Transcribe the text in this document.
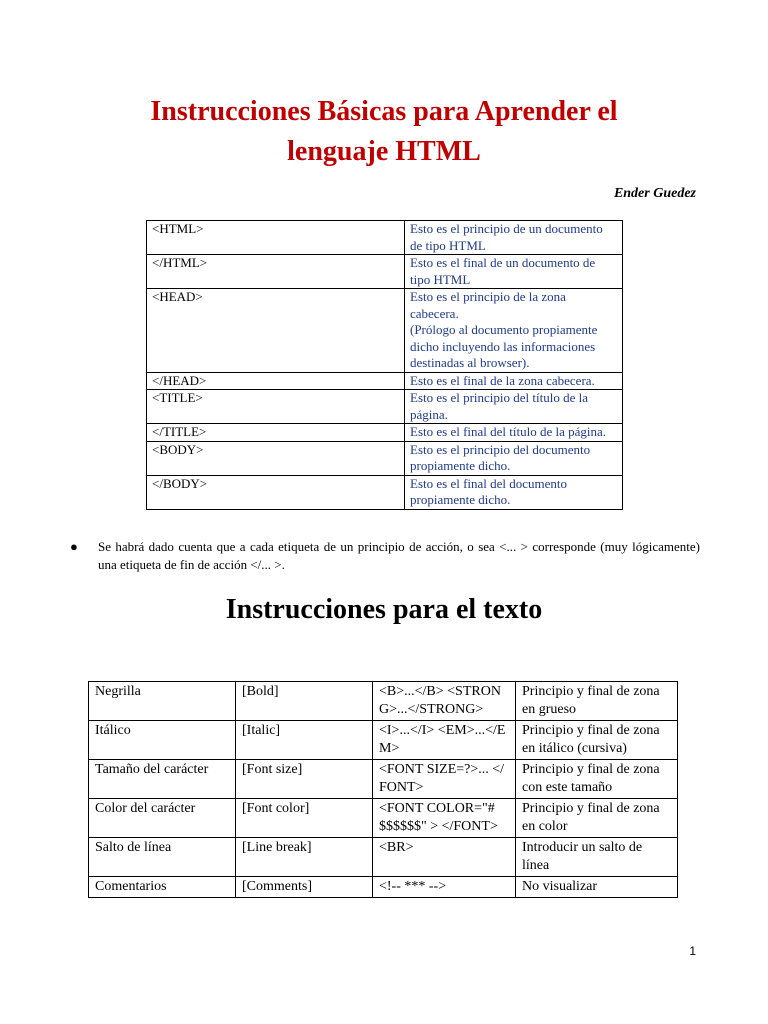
Instrucciones Básicas para Aprender el
lenguaje HTML
Ender Guedez
<HTML>	Esto es el principio de un documento de tipo HTML
</HTML>	Esto es el final de un documento de tipo HTML
<HEAD>	Esto es el principio de la zona cabecera.
(Prólogo al documento propiamente dicho incluyendo las informaciones destinadas al browser).

</HEAD>	Esto es el final de la zona cabecera.
<TITLE>	Esto es el principio del título de la página.
</TITLE>	Esto es el final del título de la página.
<BODY>	Esto es el principio del documento propiamente dicho.
</BODY>	Esto es el final del documento propiamente dicho.
● Se habrá dado cuenta que a cada etiqueta de un principio de acción, o sea <... > corresponde (muy lógicamente) una etiqueta de fin de acción </... >.
Instrucciones para el texto
Negrilla	[Bold]	<B>...</B> <STRONG>...</STRONG>	Principio y final de zona en grueso
Itálico	[Italic]	<I>...</I> <EM>...</EM>	Principio y final de zona en itálico (cursiva)
Tamaño del carácter	[Font size]	<FONT SIZE=?>... </FONT>	Principio y final de zona con este tamaño
Color del carácter	[Font color]	<FONT COLOR="#$$$$$$" > </FONT>	Principio y final de zona en color
Salto de línea	[Line break]	<BR>	Introducir un salto de línea
Comentarios	[Comments]	<!-- *** -->	No visualizar
1
